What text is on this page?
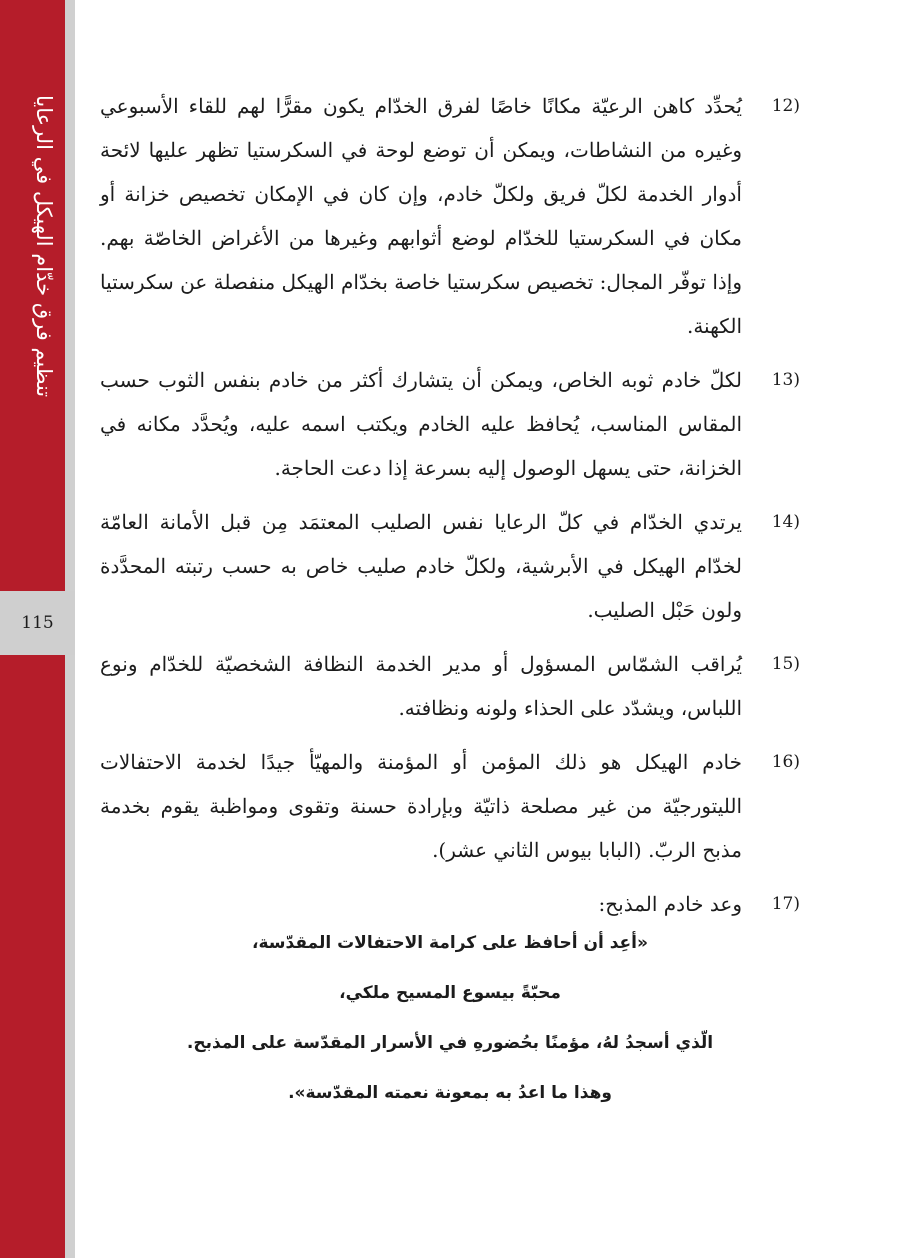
تنظيم فرق خدّام الهيكل في الرعايا
115
12)
يُحدِّد كاهن الرعيّة مكانًا خاصًا لفرق الخدّام يكون مقرًّا لهم للقاء الأسبوعي وغيره من النشاطات، ويمكن أن توضع لوحة في السكرستيا تظهر عليها لائحة أدوار الخدمة لكلّ فريق ولكلّ خادم، وإن كان في الإمكان تخصيص خزانة أو مكان في السكرستيا للخدّام لوضع أثوابهم وغيرها من الأغراض الخاصّة بهم. وإذا توفّر المجال: تخصيص سكرستيا خاصة بخدّام الهيكل منفصلة عن سكرستيا الكهنة.
13)
لكلّ خادم ثوبه الخاص، ويمكن أن يتشارك أكثر من خادم بنفس الثوب حسب المقاس المناسب، يُحافظ عليه الخادم ويكتب اسمه عليه، ويُحدَّد مكانه في الخزانة، حتى يسهل الوصول إليه بسرعة إذا دعت الحاجة.
14)
يرتدي الخدّام في كلّ الرعايا نفس الصليب المعتمَد مِن قبل الأمانة العامّة لخدّام الهيكل في الأبرشية، ولكلّ خادم صليب خاص به حسب رتبته المحدَّدة ولون حَبْل الصليب.
15)
يُراقب الشمّاس المسؤول أو مدير الخدمة النظافة الشخصيّة للخدّام ونوع اللباس، ويشدّد على الحذاء ولونه ونظافته.
16)
خادم الهيكل هو ذلك المؤمن أو المؤمنة والمهيّأ جيدًا لخدمة الاحتفالات الليتورجيّة من غير مصلحة ذاتيّة وبإرادة حسنة وتقوى ومواظبة يقوم بخدمة مذبح الربّ. (البابا بيوس الثاني عشر).
17)
وعد خادم المذبح:
«أعِد أن أحافظ على كرامة الاحتفالات المقدّسة،
محبّةً بيسوع المسيح ملكي،
الّذي أسجدُ لهُ، مؤمنًا بحُضورهِ في الأسرار المقدّسة على المذبح.
وهذا ما اعدُ به بمعونة نعمته المقدّسة».
